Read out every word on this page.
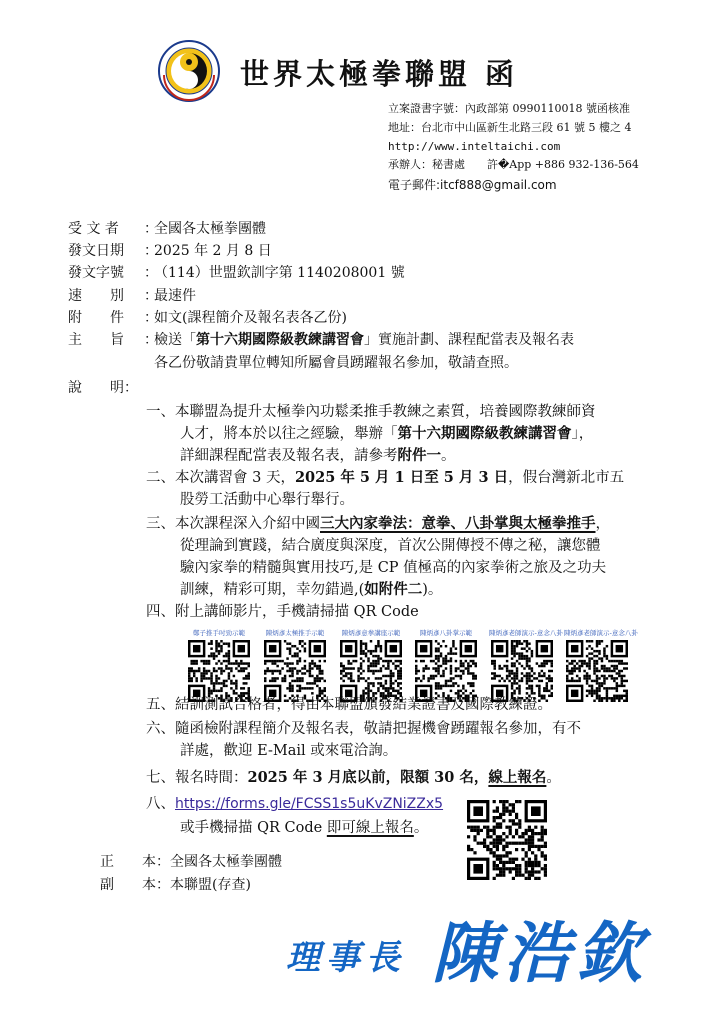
世界太極拳聯盟 函
立案證書字號：內政部第 0990110018 號函核准
地址：台北市中山區新生北路三段 61 號 5 樓之 4
http://www.inteltaichi.com
承辦人：秘書處　　許�App +886 932-136-564
電子郵件:itcf888@gmail.com
受 文 者 ：全國各太極拳團體
發文日期 ：2025 年 2 月 8 日
發文字號 ：（114）世盟欽訓字第 1140208001 號
速　　別 ：最速件
附　　件 ：如文(課程簡介及報名表各乙份)
主　　旨 ：檢送「第十六期國際級教練講習會」實施計劃、課程配當表及報名表
各乙份敬請貴單位轉知所屬會員踴躍報名參加，敬請查照。
說　　明：
一、本聯盟為提升太極拳內功鬆柔推手教練之素質，培養國際教練師資
人才，將本於以往之經驗，舉辦「第十六期國際級教練講習會」，
詳細課程配當表及報名表，請參考附件一。
二、本次講習會 3 天，2025 年 5 月 1 日至 5 月 3 日，假台灣新北市五
股勞工活動中心舉行舉行。
三、本次課程深入介紹中國三大內家拳法：意拳、八卦掌與太極拳推手，
從理論到實踐，結合廣度與深度，首次公開傳授不傳之秘，讓您體
驗內家拳的精髓與實用技巧,是 CP 值極高的內家拳術之旅及之功夫
訓練，精彩可期，幸勿錯過,(如附件二)。
四、附上講師影片，手機請掃描 QR Code
鄭子推手吋勁示範	陳炳彥太極推手示範	陳炳彥意拳講座示範	陳炳彥八卦掌示範	陳炳彥老師演示-意念八卦 陳炳彥老師演示-意念八卦
五、結訓測試合格者，得由本聯盟頒發結業證書及國際教練證。
六、隨函檢附課程簡介及報名表，敬請把握機會踴躍報名參加，有不
詳處，歡迎 E-Mail 或來電洽詢。
七、報名時間：2025 年 3 月底以前，限額 30 名，線上報名。
八、https://forms.gle/FCSS1s5uKvZNiZZx5
或手機掃描 QR Code 即可線上報名。
正　　本：全國各太極拳團體
副　　本：本聯盟(存查)
理事長 陳浩欽
